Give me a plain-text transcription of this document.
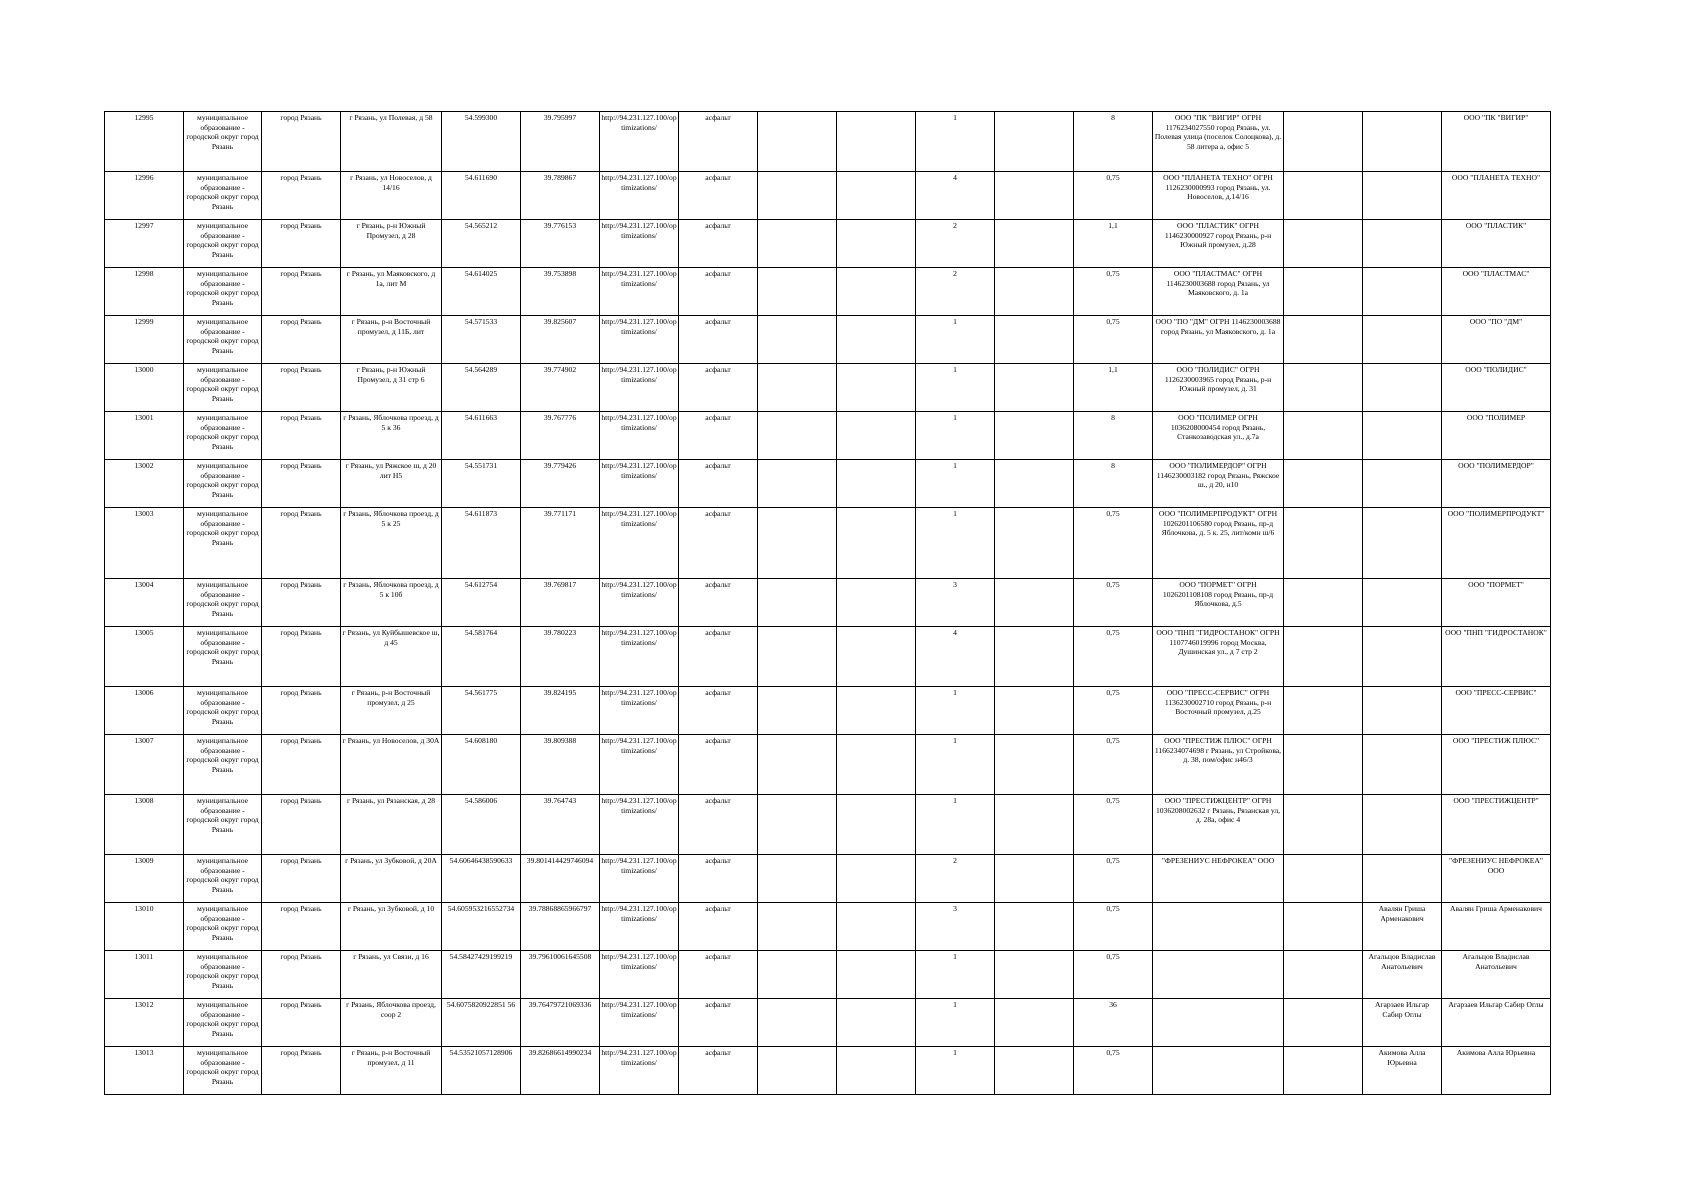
12995	муниципальное образование - городской округ город Рязань	город Рязань	г Рязань, ул Полевая, д 58	54.599300	39.795997	http://94.231.127.100/optimizations/	асфальт			1		8	ООО "ПК "ВИГИР" ОГРН 1176234027550 город Рязань, ул. Полевая улица (поселок Солоцкова), д. 58 литера а, офис 5			ООО "ПК "ВИГИР"
12996	муниципальное образование - городской округ город Рязань	город Рязань	г Рязань, ул Новоселов, д 14/16	54.611690	39.789867	http://94.231.127.100/optimizations/	асфальт			4		0,75	ООО "ПЛАНЕТА ТЕХНО" ОГРН 1126230000993 город Рязань, ул. Новоселов, д.14/16			ООО "ПЛАНЕТА ТЕХНО"
12997	муниципальное образование - городской округ город Рязань	город Рязань	г Рязань, р-н Южный Промузел, д 28	54.565212	39.776153	http://94.231.127.100/optimizations/	асфальт			2		1,1	ООО "ПЛАСТИК" ОГРН 1146230000927 город Рязань, р-н Южный промузел, д.28			ООО "ПЛАСТИК"
12998	муниципальное образование - городской округ город Рязань	город Рязань	г Рязань, ул Маяковского, д 1а, лит М	54.614025	39.753898	http://94.231.127.100/optimizations/	асфальт			2		0,75	ООО "ПЛАСТМАС" ОГРН 1146230003688 город Рязань, ул Маяковского, д. 1а			ООО "ПЛАСТМАС"
12999	муниципальное образование - городской округ город Рязань	город Рязань	г Рязань, р-н Восточный промузел, д 11Б, лит	54.571533	39.825607	http://94.231.127.100/optimizations/	асфальт			1		0,75	ООО "ПО "ДМ" ОГРН 1146230003688 город Рязань, ул Маяковского, д. 1а			ООО "ПО "ДМ"
13000	муниципальное образование - городской округ город Рязань	город Рязань	г Рязань, р-н Южный Промузел, д 31 стр 6	54.564289	39.774902	http://94.231.127.100/optimizations/	асфальт			1		1,1	ООО "ПОЛИДИС" ОГРН 1126230003965 город Рязань, р-н Южный промузел, д. 31			ООО "ПОЛИДИС"
13001	муниципальное образование - городской округ город Рязань	город Рязань	г Рязань, Яблочкова проезд, д 5 к 36	54.611663	39.767776	http://94.231.127.100/optimizations/	асфальт			1		8	ООО "ПОЛИМЕР ОГРН 1036208000454 город Рязань, Станкозаводская ул., д.7а			ООО "ПОЛИМЕР
13002	муниципальное образование - городской округ город Рязань	город Рязань	г Рязань, ул Ряжское ш, д 20 лит Н5	54.551731	39.779426	http://94.231.127.100/optimizations/	асфальт			1		8	ООО "ПОЛИМЕРДОР" ОГРН 1146230003182 город Рязань, Ряжское ш., д 20, н10			ООО "ПОЛИМЕРДОР"
13003	муниципальное образование - городской округ город Рязань	город Рязань	г Рязань, Яблочкова проезд, д 5 к 25	54.611873	39.771171	http://94.231.127.100/optimizations/	асфальт			1		0,75	ООО "ПОЛИМЕРПРОДУКТ" ОГРН 1026201106580 город Рязань, пр-д Яблочкова, д. 5 к. 25, лит/комн ш/6			ООО "ПОЛИМЕРПРОДУКТ"
13004	муниципальное образование - городской округ город Рязань	город Рязань	г Рязань, Яблочкова проезд, д 5 к 10б	54.612754	39.769817	http://94.231.127.100/optimizations/	асфальт			3		0,75	ООО "ПОРМЕТ" ОГРН 1026201108108 город Рязань, пр-д Яблочкова, д.5			ООО "ПОРМЕТ"
13005	муниципальное образование - городской округ город Рязань	город Рязань	г Рязань, ул Куйбышевское ш, д 45	54.581764	39.780223	http://94.231.127.100/optimizations/	асфальт			4		0,75	ООО "ПНП "ГИДРОСТАНОК" ОГРН 1107746019996 город Москва, Душинская ул., д 7 стр 2			ООО "ПНП "ГИДРОСТАНОК"
13006	муниципальное образование - городской округ город Рязань	город Рязань	г Рязань, р-н Восточный промузел, д 25	54.561775	39.824195	http://94.231.127.100/optimizations/	асфальт			1		0,75	ООО "ПРЕСС-СЕРВИС" ОГРН 1136230002710 город Рязань, р-н Восточный промузел, д.25			ООО "ПРЕСС-СЕРВИС"
13007	муниципальное образование - городской округ город Рязань	город Рязань	г Рязань, ул Новоселов, д 30А	54.608180	39.809388	http://94.231.127.100/optimizations/	асфальт			1		0,75	ООО "ПРЕСТИЖ ПЛЮС" ОГРН 1166234074698 г Рязань, ул Стройкова, д. 38, пом/офис н46/3			ООО "ПРЕСТИЖ ПЛЮС"
13008	муниципальное образование - городской округ город Рязань	город Рязань	г Рязань, ул Рязанская, д 28	54.586006	39.764743	http://94.231.127.100/optimizations/	асфальт			1		0,75	ООО "ПРЕСТИЖЦЕНТР" ОГРН 1036208002632 г Рязань, Рязанская ул, д. 28а, офис 4			ООО "ПРЕСТИЖЦЕНТР"
13009	муниципальное образование - городской округ город Рязань	город Рязань	г Рязань, ул Зубковой, д 20А	54.60646438590633	39.801414429746094	http://94.231.127.100/optimizations/	асфальт			2		0,75	"ФРЕЗЕНИУС НЕФРОКЕА" ООО			"ФРЕЗЕНИУС НЕФРОКЕА" ООО
13010	муниципальное образование - городской округ город Рязань	город Рязань	г Рязань, ул Зубковой, д 10	54.605953216552734	39.78868865966797	http://94.231.127.100/optimizations/	асфальт			3		0,75			Авалян Гриша Арменакович	Авалян Гриша Арменакович
13011	муниципальное образование - городской округ город Рязань	город Рязань	г Рязань, ул Связи, д 16	54.58427429199219	39.79610061645508	http://94.231.127.100/optimizations/	асфальт			1		0,75			Агальцов Владислав Анатольевич	Агальцов Владислав Анатольевич
13012	муниципальное образование - городской округ город Рязань	город Рязань	г Рязань, Яблочкова проезд, соор 2	54.6075820922851 56	39.76479721069336	http://94.231.127.100/optimizations/	асфальт			1		36			Агарзаев Ильгар Сабир Оглы	Агарзаев Ильгар Сабир Оглы
13013	муниципальное образование - городской округ город Рязань	город Рязань	г Рязань, р-н Восточный промузел, д 11	54.53521057128906	39.82686614990234	http://94.231.127.100/optimizations/	асфальт			1		0,75			Акимова Алла Юрьевна	Акимова Алла Юрьевна
